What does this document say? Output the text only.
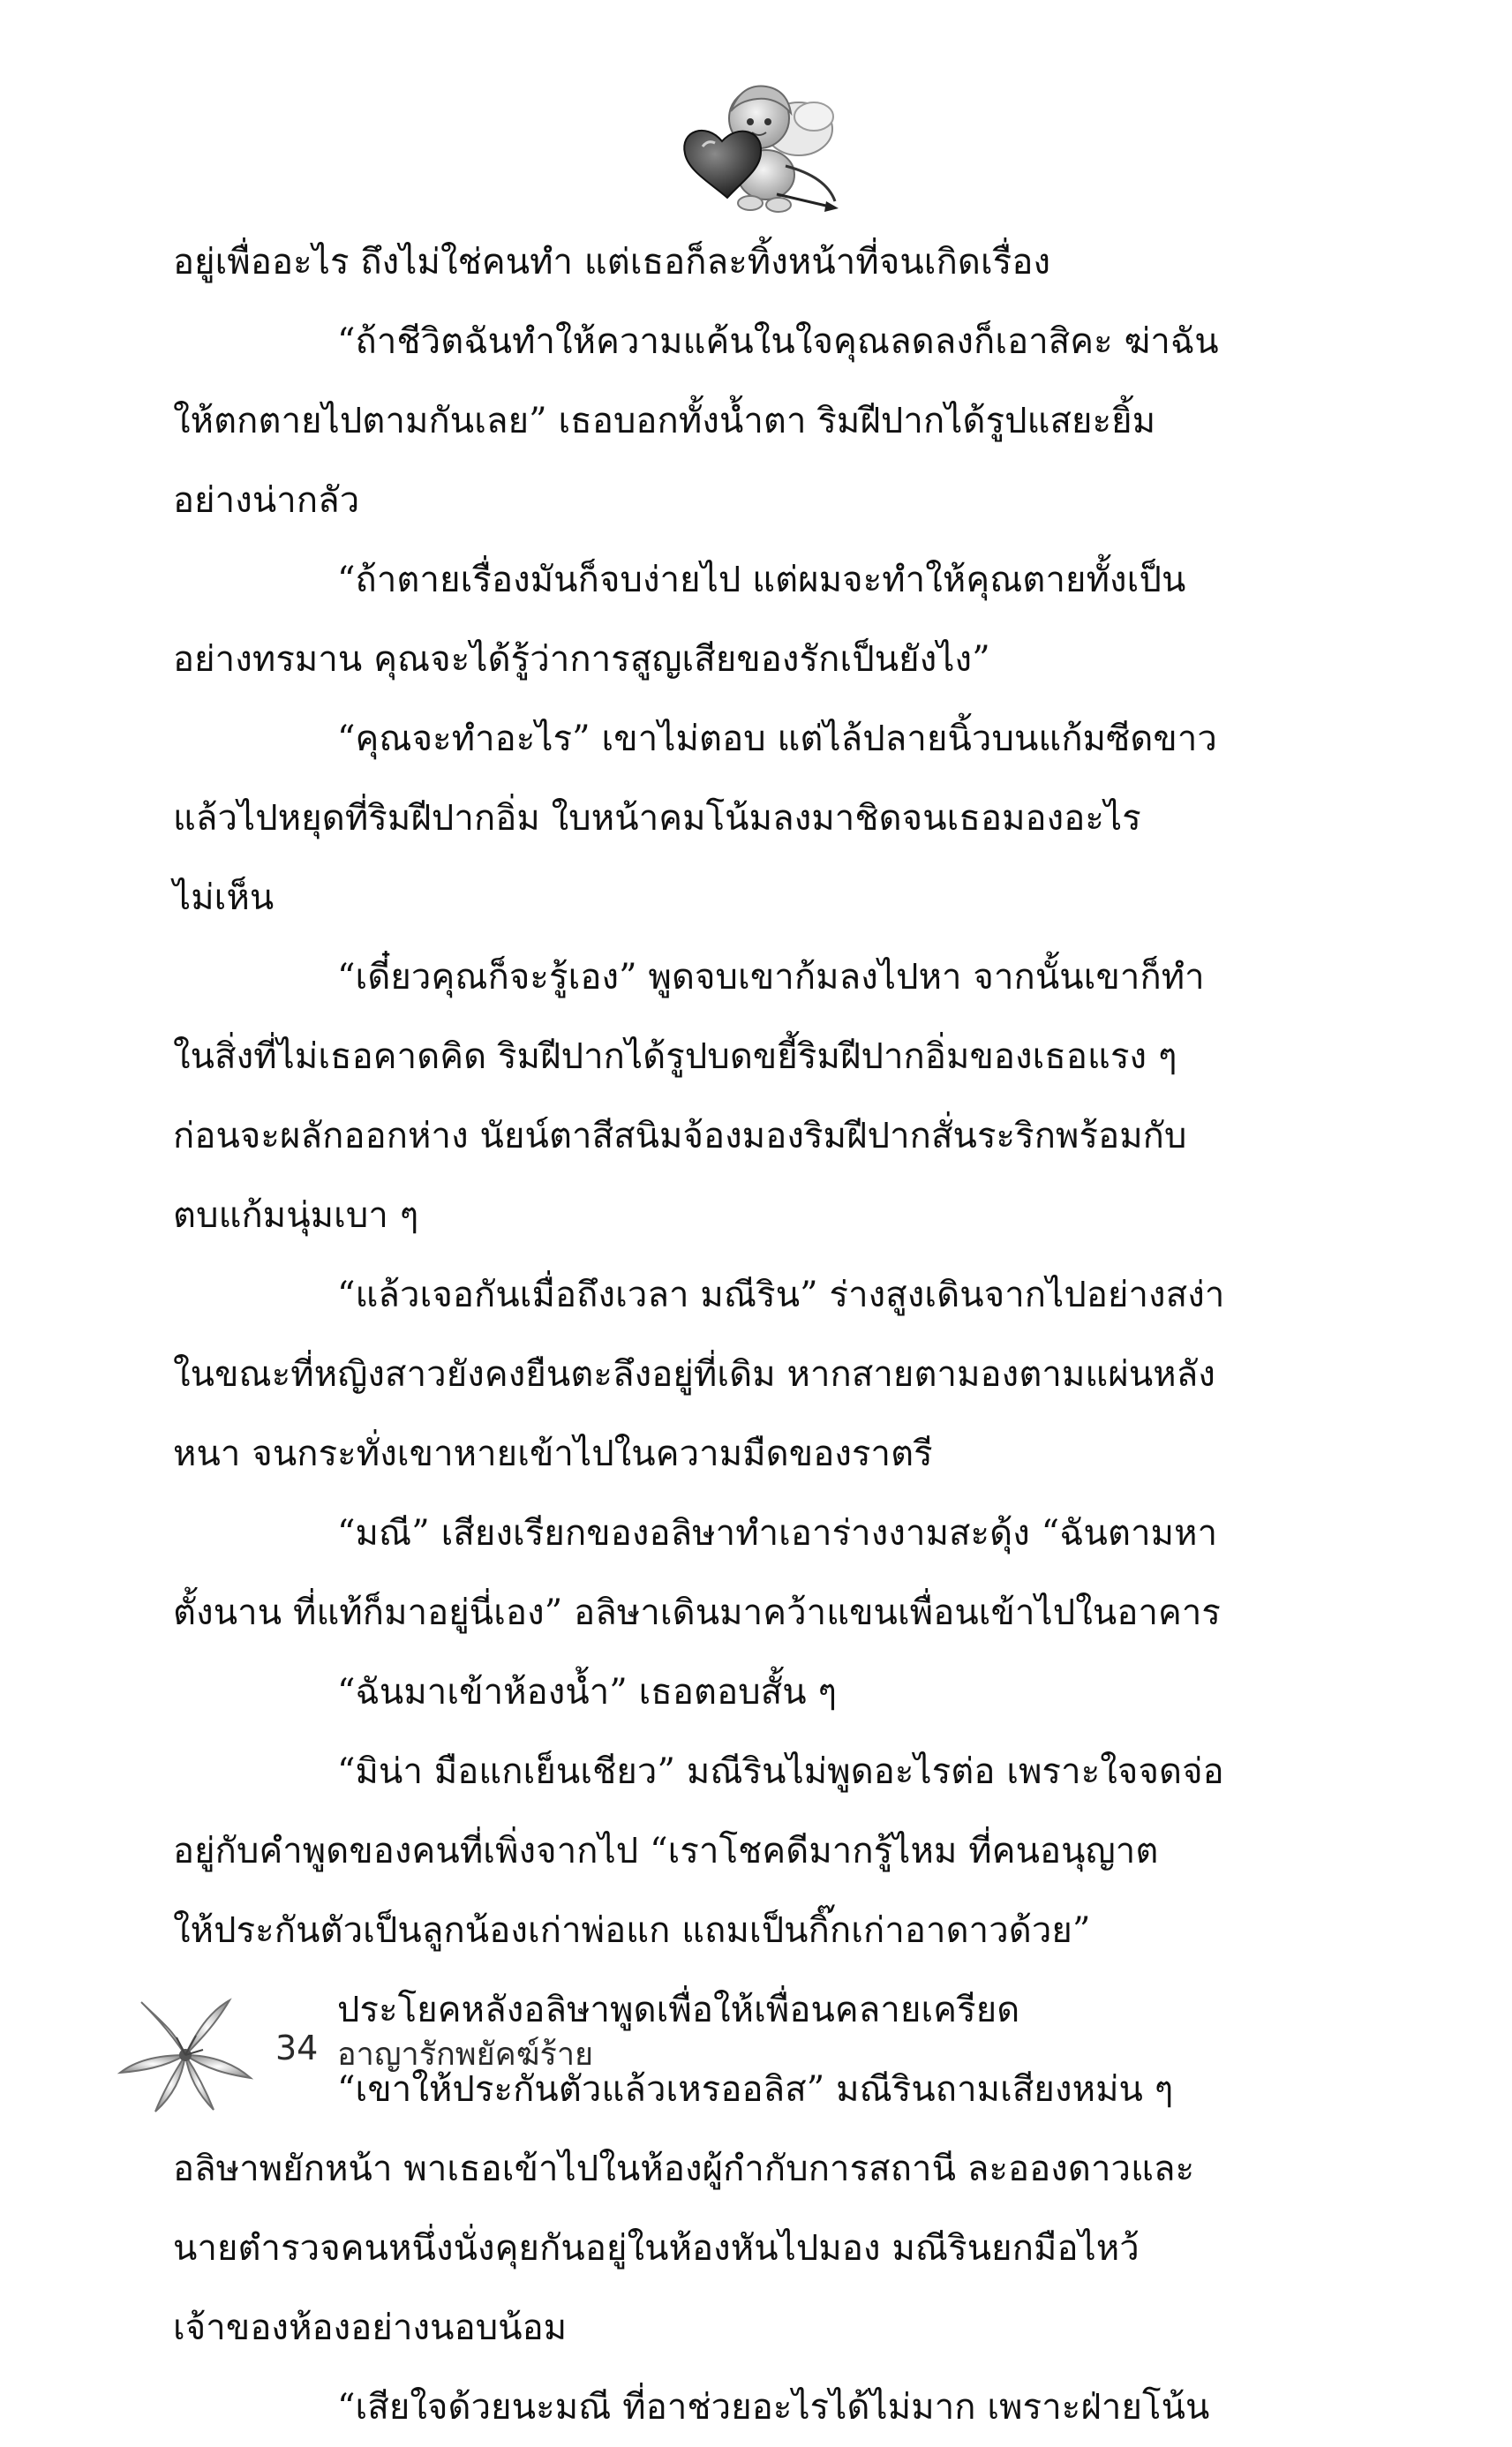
อยู่เพื่ออะไร ถึงไม่ใช่คนทำ แต่เธอก็ละทิ้งหน้าที่จนเกิดเรื่อง
“ถ้าชีวิตฉันทำให้ความแค้นในใจคุณลดลงก็เอาสิคะ ฆ่าฉัน
ให้ตกตายไปตามกันเลย” เธอบอกทั้งน้ำตา ริมฝีปากได้รูปแสยะยิ้ม
อย่างน่ากลัว
“ถ้าตายเรื่องมันก็จบง่ายไป แต่ผมจะทำให้คุณตายทั้งเป็น
อย่างทรมาน คุณจะได้รู้ว่าการสูญเสียของรักเป็นยังไง”
“คุณจะทำอะไร” เขาไม่ตอบ แต่ไล้ปลายนิ้วบนแก้มซีดขาว
แล้วไปหยุดที่ริมฝีปากอิ่ม ใบหน้าคมโน้มลงมาชิดจนเธอมองอะไร
ไม่เห็น
“เดี๋ยวคุณก็จะรู้เอง” พูดจบเขาก้มลงไปหา จากนั้นเขาก็ทำ
ในสิ่งที่ไม่เธอคาดคิด ริมฝีปากได้รูปบดขยี้ริมฝีปากอิ่มของเธอแรง ๆ
ก่อนจะผลักออกห่าง นัยน์ตาสีสนิมจ้องมองริมฝีปากสั่นระริกพร้อมกับ
ตบแก้มนุ่มเบา ๆ
“แล้วเจอกันเมื่อถึงเวลา มณีริน” ร่างสูงเดินจากไปอย่างสง่า
ในขณะที่หญิงสาวยังคงยืนตะลึงอยู่ที่เดิม หากสายตามองตามแผ่นหลัง
หนา จนกระทั่งเขาหายเข้าไปในความมืดของราตรี
“มณี” เสียงเรียกของอลิษาทำเอาร่างงามสะดุ้ง “ฉันตามหา
ตั้งนาน ที่แท้ก็มาอยู่นี่เอง” อลิษาเดินมาคว้าแขนเพื่อนเข้าไปในอาคาร
“ฉันมาเข้าห้องน้ำ” เธอตอบสั้น ๆ
“มิน่า มือแกเย็นเชียว” มณีรินไม่พูดอะไรต่อ เพราะใจจดจ่อ
อยู่กับคำพูดของคนที่เพิ่งจากไป “เราโชคดีมากรู้ไหม ที่คนอนุญาต
ให้ประกันตัวเป็นลูกน้องเก่าพ่อแก แถมเป็นกิ๊กเก่าอาดาวด้วย”
ประโยคหลังอลิษาพูดเพื่อให้เพื่อนคลายเครียด
“เขาให้ประกันตัวแล้วเหรออลิส” มณีรินถามเสียงหม่น ๆ
อลิษาพยักหน้า พาเธอเข้าไปในห้องผู้กำกับการสถานี ละอองดาวและ
นายตำรวจคนหนึ่งนั่งคุยกันอยู่ในห้องหันไปมอง มณีรินยกมือไหว้
เจ้าของห้องอย่างนอบน้อม
“เสียใจด้วยนะมณี ที่อาช่วยอะไรได้ไม่มาก เพราะฝ่ายโน้น
34 อาญารักพยัคฆ์ร้าย
